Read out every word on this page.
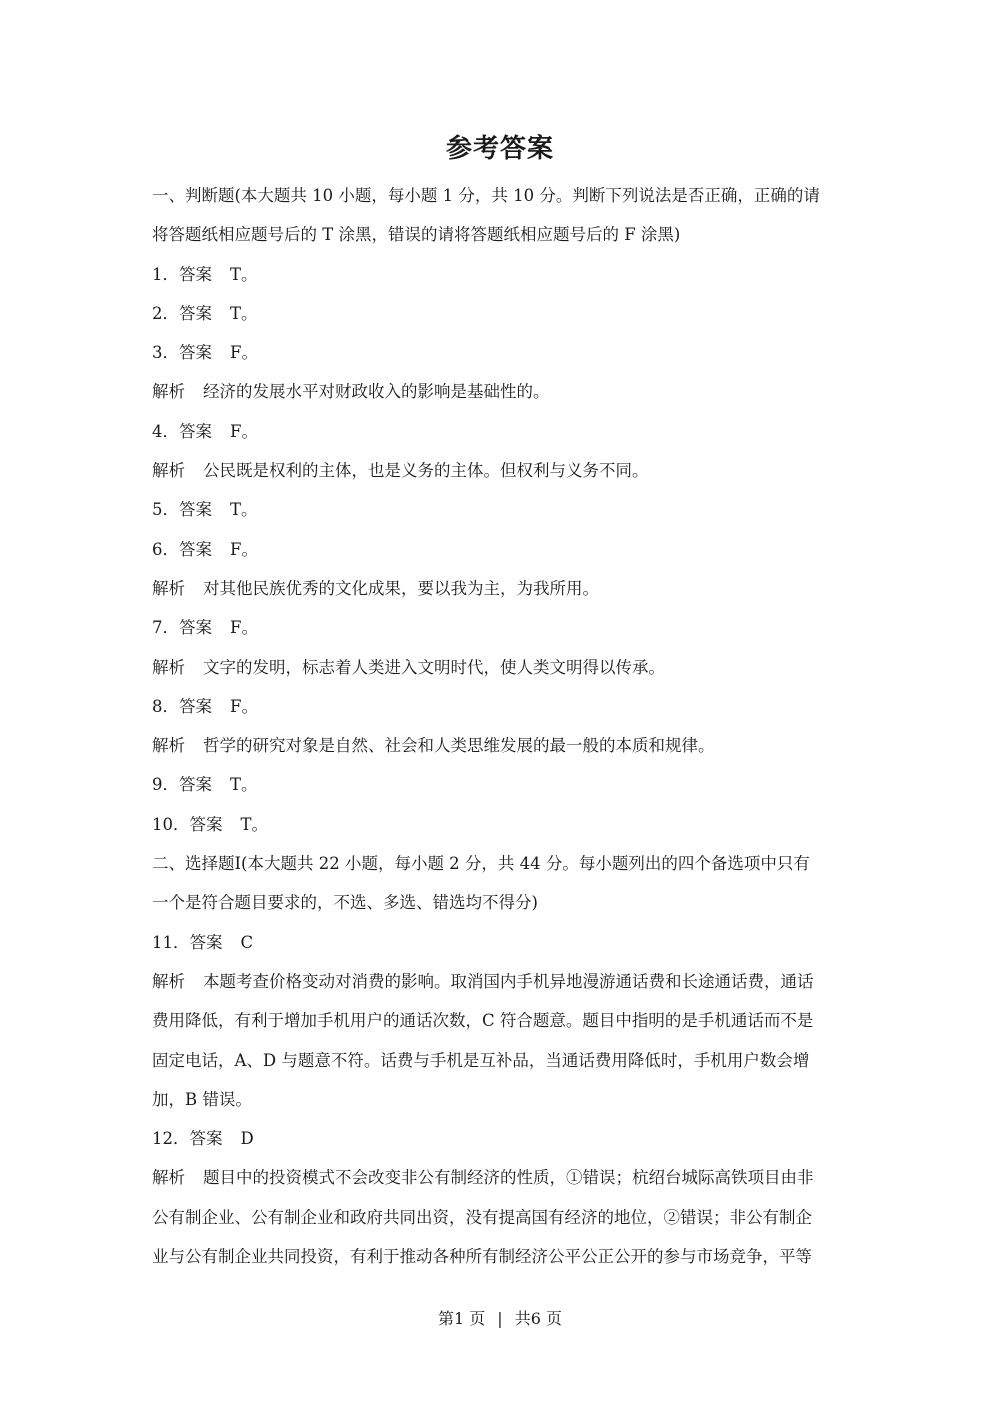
参考答案
一、判断题(本大题共 10 小题，每小题 1 分，共 10 分。判断下列说法是否正确，正确的请
将答题纸相应题号后的 T 涂黑，错误的请将答题纸相应题号后的 F 涂黑)
1．答案 T。
2．答案 T。
3．答案 F。
解析 经济的发展水平对财政收入的影响是基础性的。
4．答案 F。
解析 公民既是权利的主体，也是义务的主体。但权利与义务不同。
5．答案 T。
6．答案 F。
解析 对其他民族优秀的文化成果，要以我为主，为我所用。
7．答案 F。
解析 文字的发明，标志着人类进入文明时代，使人类文明得以传承。
8．答案 F。
解析 哲学的研究对象是自然、社会和人类思维发展的最一般的本质和规律。
9．答案 T。
10．答案 T。
二、选择题Ⅰ(本大题共 22 小题，每小题 2 分，共 44 分。每小题列出的四个备选项中只有
一个是符合题目要求的，不选、多选、错选均不得分)
11．答案 C
解析 本题考查价格变动对消费的影响。取消国内手机异地漫游通话费和长途通话费，通话
费用降低，有利于增加手机用户的通话次数，C 符合题意。题目中指明的是手机通话而不是
固定电话，A、D 与题意不符。话费与手机是互补品，当通话费用降低时，手机用户数会增
加，B 错误。
12．答案 D
解析 题目中的投资模式不会改变非公有制经济的性质，①错误；杭绍台城际高铁项目由非
公有制企业、公有制企业和政府共同出资，没有提高国有经济的地位，②错误；非公有制企
业与公有制企业共同投资，有利于推动各种所有制经济公平公正公开的参与市场竞争，平等
第1 页 | 共6 页
